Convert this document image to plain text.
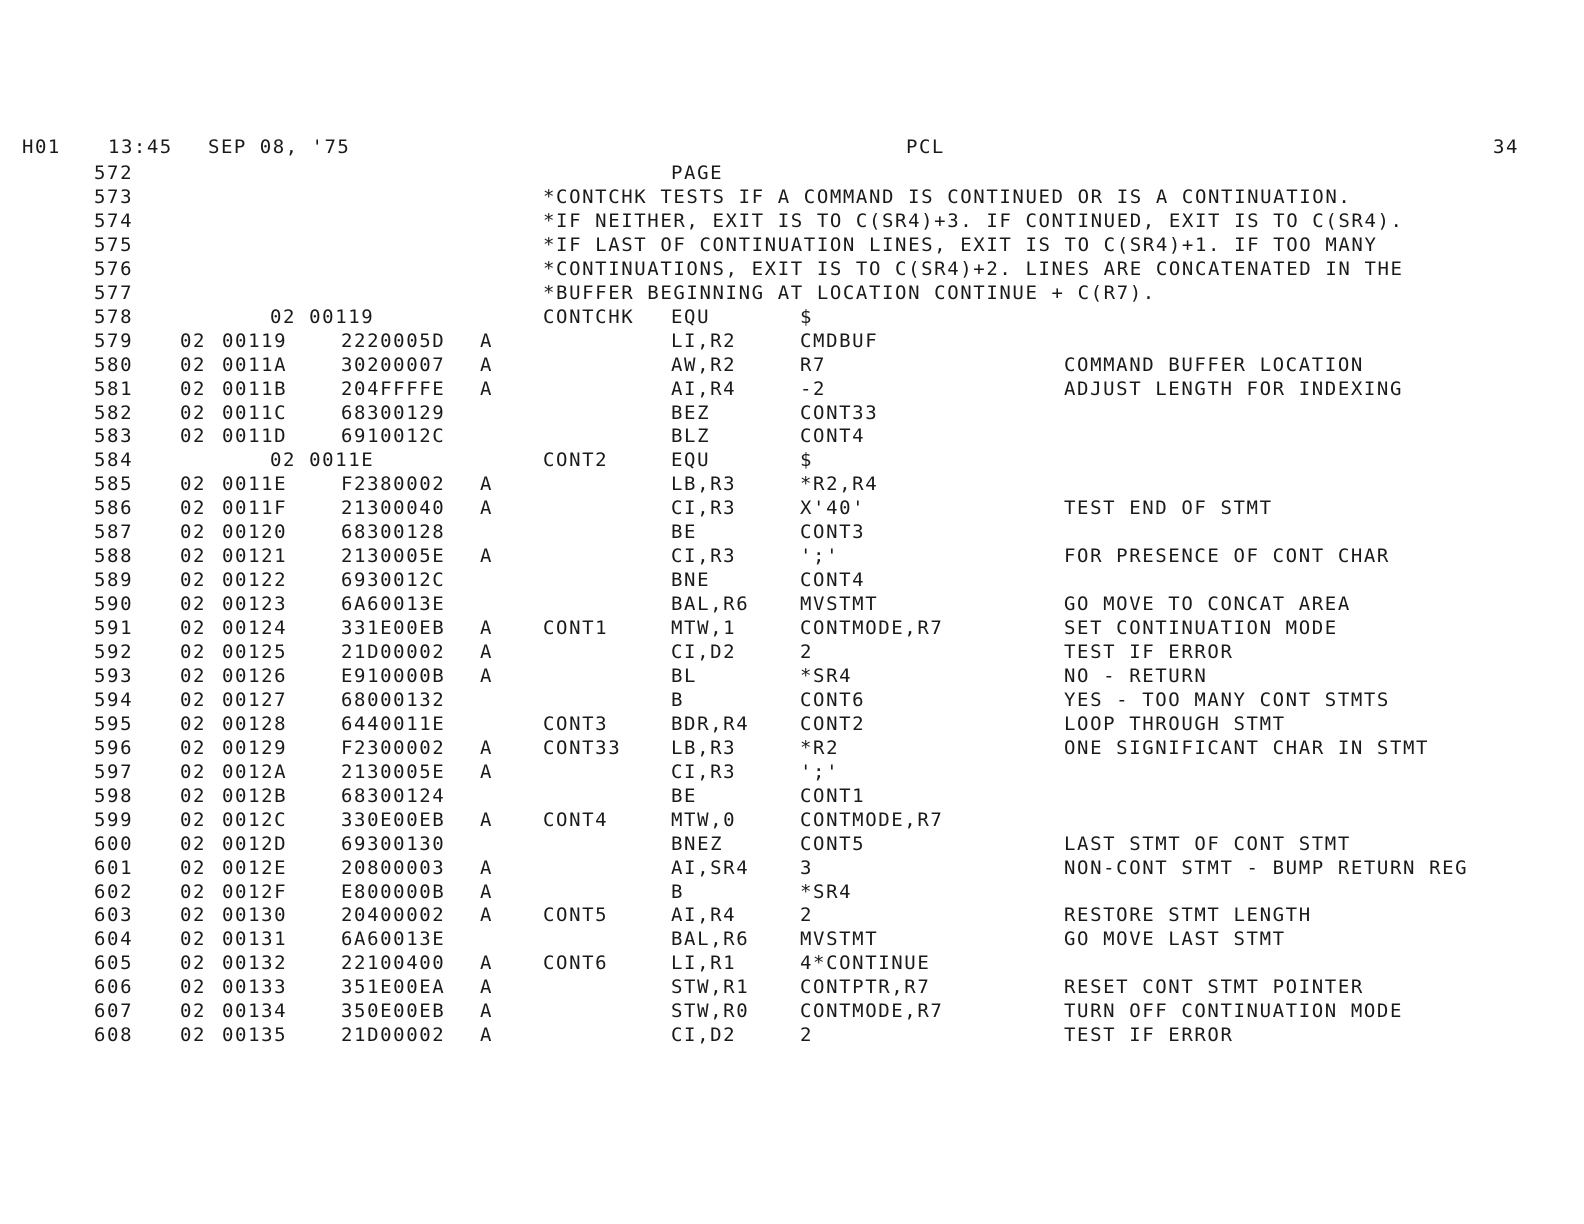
H01 13:45 SEP 08, '75	PCL	34
572	PAGE
573	*CONTCHK TESTS IF A COMMAND IS CONTINUED OR IS A CONTINUATION.
574	*IF NEITHER, EXIT IS TO C(SR4)+3. IF CONTINUED, EXIT IS TO C(SR4).
575	*IF LAST OF CONTINUATION LINES, EXIT IS TO C(SR4)+1. IF TOO MANY
576	*CONTINUATIONS, EXIT IS TO C(SR4)+2. LINES ARE CONCATENATED IN THE
577	*BUFFER BEGINNING AT LOCATION CONTINUE + C(R7).
578	02 00119	CONTCHK EQU	$
579 02 00119	2220005D A	LI,R2	CMDBUF
580 02 0011A	30200007 A	AW,R2	R7	COMMAND BUFFER LOCATION
581 02 0011B	204FFFFE A	AI,R4	-2	ADJUST LENGTH FOR INDEXING
582 02 0011C	68300129	BEZ	CONT33
583 02 0011D	6910012C	BLZ	CONT4
584	02 0011E	CONT2	EQU	$
585 02 0011E	F2380002 A	LB,R3	*R2,R4
586 02 0011F	21300040 A	CI,R3	X'40'	TEST END OF STMT
587 02 00120	68300128	BE	CONT3
588 02 00121	2130005E A	CI,R3	';'	FOR PRESENCE OF CONT CHAR
589 02 00122	6930012C	BNE	CONT4
590 02 00123	6A60013E	BAL,R6	MVSTMT	GO MOVE TO CONCAT AREA
591 02 00124	331E00EB A	CONT1	MTW,1	CONTMODE,R7	SET CONTINUATION MODE
592 02 00125	21D00002 A	CI,D2	2	TEST IF ERROR
593 02 00126	E910000B A	BL	*SR4	NO - RETURN
594 02 00127	68000132	B	CONT6	YES - TOO MANY CONT STMTS
595 02 00128	6440011E	CONT3	BDR,R4	CONT2	LOOP THROUGH STMT
596 02 00129	F2300002 A	CONT33	LB,R3	*R2	ONE SIGNIFICANT CHAR IN STMT
597 02 0012A	2130005E A	CI,R3	';'
598 02 0012B	68300124	BE	CONT1
599 02 0012C	330E00EB A	CONT4	MTW,0	CONTMODE,R7
600 02 0012D	69300130	BNEZ	CONT5	LAST STMT OF CONT STMT
601 02 0012E	20800003 A	AI,SR4	3	NON-CONT STMT - BUMP RETURN REG
602 02 0012F	E800000B A	B	*SR4
603 02 00130	20400002 A	CONT5	AI,R4	2	RESTORE STMT LENGTH
604 02 00131	6A60013E	BAL,R6	MVSTMT	GO MOVE LAST STMT
605 02 00132	22100400 A	CONT6	LI,R1	4*CONTINUE
606 02 00133	351E00EA A	STW,R1	CONTPTR,R7	RESET CONT STMT POINTER
607 02 00134	350E00EB A	STW,R0	CONTMODE,R7	TURN OFF CONTINUATION MODE
608 02 00135	21D00002 A	CI,D2	2	TEST IF ERROR
